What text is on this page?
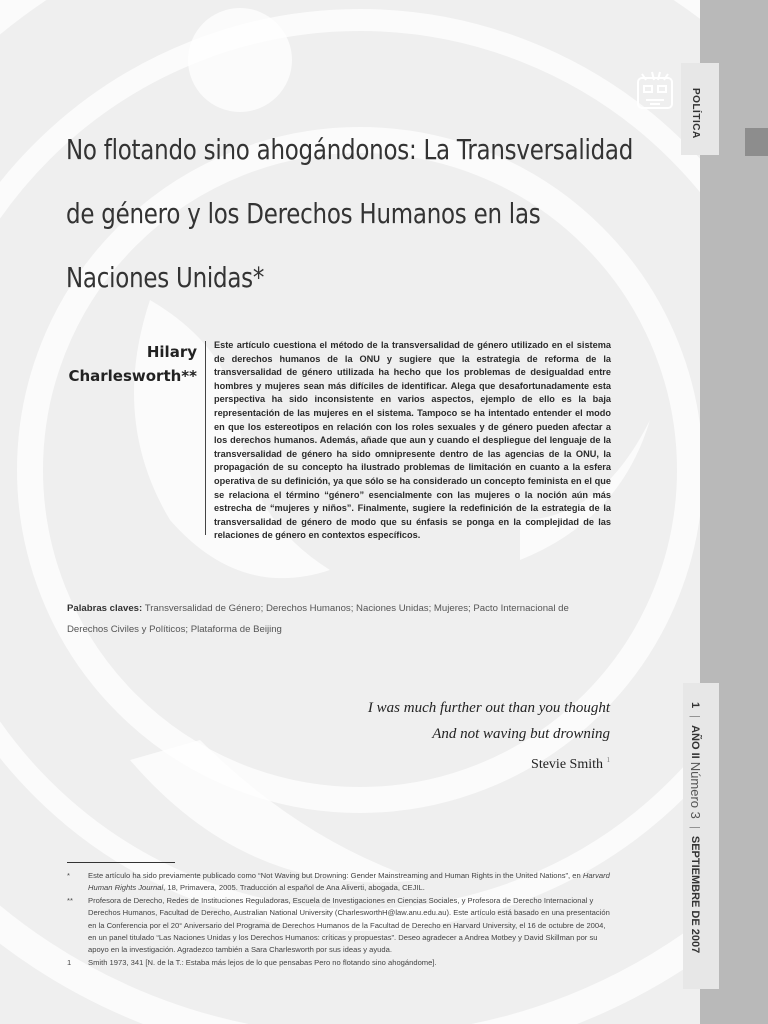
POLÍTICA
1 | AÑO II Número 3 | SEPTIEMBRE DE 2007
No flotando sino ahogándonos: La Transversalidad
de género y los Derechos Humanos en las
Naciones Unidas*
Hilary
Charlesworth**

Este artículo cuestiona el método de la transversalidad de género utilizado en el sistema de derechos humanos de la ONU y sugiere que la estrategia de reforma de la transversalidad de género utilizada ha hecho que los problemas de desigualdad entre hombres y mujeres sean más difíciles de identificar. Alega que desafortunadamente esta perspectiva ha sido inconsistente en varios aspectos, ejemplo de ello es la baja representación de las mujeres en el sistema. Tampoco se ha intentado entender el modo en que los estereotipos en relación con los roles sexuales y de género pueden afectar a los derechos humanos. Además, añade que aun y cuando el despliegue del lenguaje de la transversalidad de género ha sido omnipresente dentro de las agencias de la ONU, la propagación de su concepto ha ilustrado problemas de limitación en cuanto a la esfera operativa de su definición, ya que sólo se ha considerado un concepto feminista en el que se relaciona el término “género” esencialmente con las mujeres o la noción aún más estrecha de “mujeres y niños”. Finalmente, sugiere la redefinición de la estrategia de la transversalidad de género de modo que su énfasis se ponga en la complejidad de las relaciones de género en contextos específicos.

Palabras claves: Transversalidad de Género; Derechos Humanos; Naciones Unidas; Mujeres; Pacto Internacional de Derechos Civiles y Políticos; Plataforma de Beijing

I was much further out than you thought
And not waving but drowning
Stevie Smith $^1$
* Este artículo ha sido previamente publicado como “Not Waving but Drowning: Gender Mainstreaming and Human Rights in the United Nations”, en Harvard Human Rights Journal, 18, Primavera, 2005. Traducción al español de Ana Aliverti, abogada, CEJIL.
** Profesora de Derecho, Redes de Instituciones Reguladoras, Escuela de Investigaciones en Ciencias Sociales, y Profesora de Derecho Internacional y Derechos Humanos, Facultad de Derecho, Australian National University (CharlesworthH@law.anu.edu.au). Este artículo está basado en una presentación en la Conferencia por el 20° Aniversario del Programa de Derechos Humanos de la Facultad de Derecho en Harvard University, el 16 de octubre de 2004, en un panel titulado “Las Naciones Unidas y los Derechos Humanos: críticas y propuestas”. Deseo agradecer a Andrea Motbey y David Skillman por su apoyo en la investigación. Agradezco también a Sara Charlesworth por sus ideas y ayuda.
1 Smith 1973, 341 [N. de la T.: Estaba más lejos de lo que pensabas Pero no flotando sino ahogándome].
